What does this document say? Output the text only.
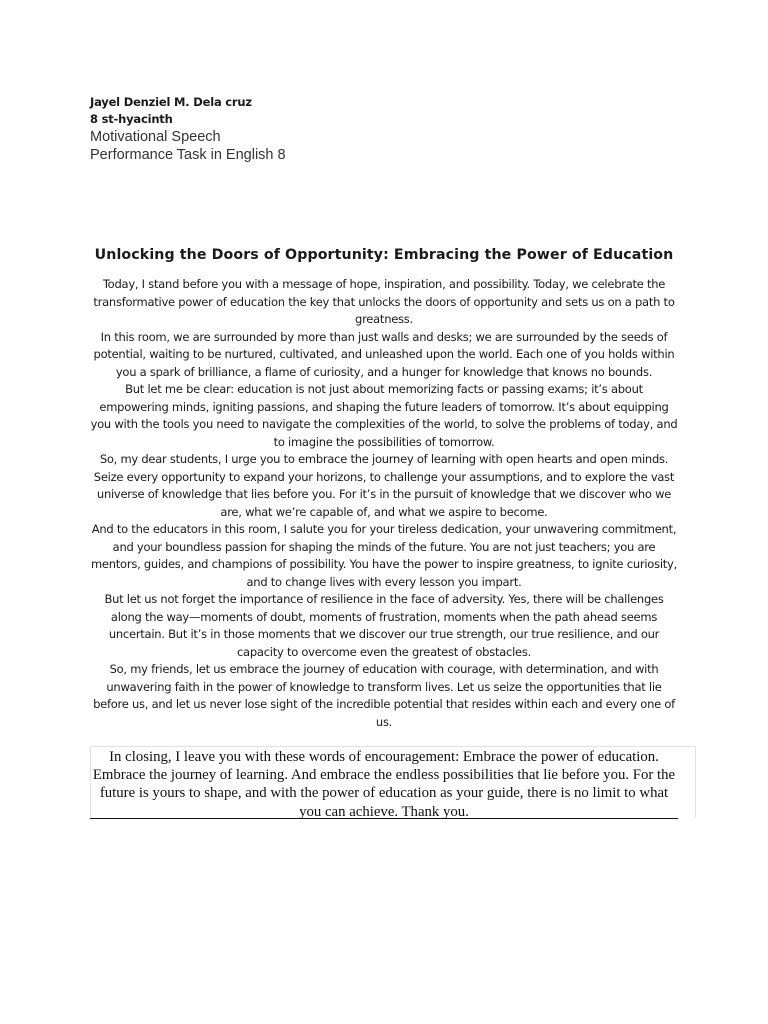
Jayel Denziel M. Dela cruz
8 st-hyacinth
Motivational Speech
Performance Task in English 8
Unlocking the Doors of Opportunity: Embracing the Power of Education

Today, I stand before you with a message of hope, inspiration, and possibility. Today, we celebrate the transformative power of education the key that unlocks the doors of opportunity and sets us on a path to greatness.

In this room, we are surrounded by more than just walls and desks; we are surrounded by the seeds of potential, waiting to be nurtured, cultivated, and unleashed upon the world. Each one of you holds within you a spark of brilliance, a flame of curiosity, and a hunger for knowledge that knows no bounds.

But let me be clear: education is not just about memorizing facts or passing exams; it’s about empowering minds, igniting passions, and shaping the future leaders of tomorrow. It’s about equipping you with the tools you need to navigate the complexities of the world, to solve the problems of today, and to imagine the possibilities of tomorrow.

So, my dear students, I urge you to embrace the journey of learning with open hearts and open minds. Seize every opportunity to expand your horizons, to challenge your assumptions, and to explore the vast universe of knowledge that lies before you. For it’s in the pursuit of knowledge that we discover who we are, what we’re capable of, and what we aspire to become.

And to the educators in this room, I salute you for your tireless dedication, your unwavering commitment, and your boundless passion for shaping the minds of the future. You are not just teachers; you are mentors, guides, and champions of possibility. You have the power to inspire greatness, to ignite curiosity, and to change lives with every lesson you impart.

But let us not forget the importance of resilience in the face of adversity. Yes, there will be challenges along the way—moments of doubt, moments of frustration, moments when the path ahead seems uncertain. But it’s in those moments that we discover our true strength, our true resilience, and our capacity to overcome even the greatest of obstacles.

So, my friends, let us embrace the journey of education with courage, with determination, and with unwavering faith in the power of knowledge to transform lives. Let us seize the opportunities that lie before us, and let us never lose sight of the incredible potential that resides within each and every one of us.

In closing, I leave you with these words of encouragement: Embrace the power of education. Embrace the journey of learning. And embrace the endless possibilities that lie before you. For the future is yours to shape, and with the power of education as your guide, there is no limit to what you can achieve. Thank you.
